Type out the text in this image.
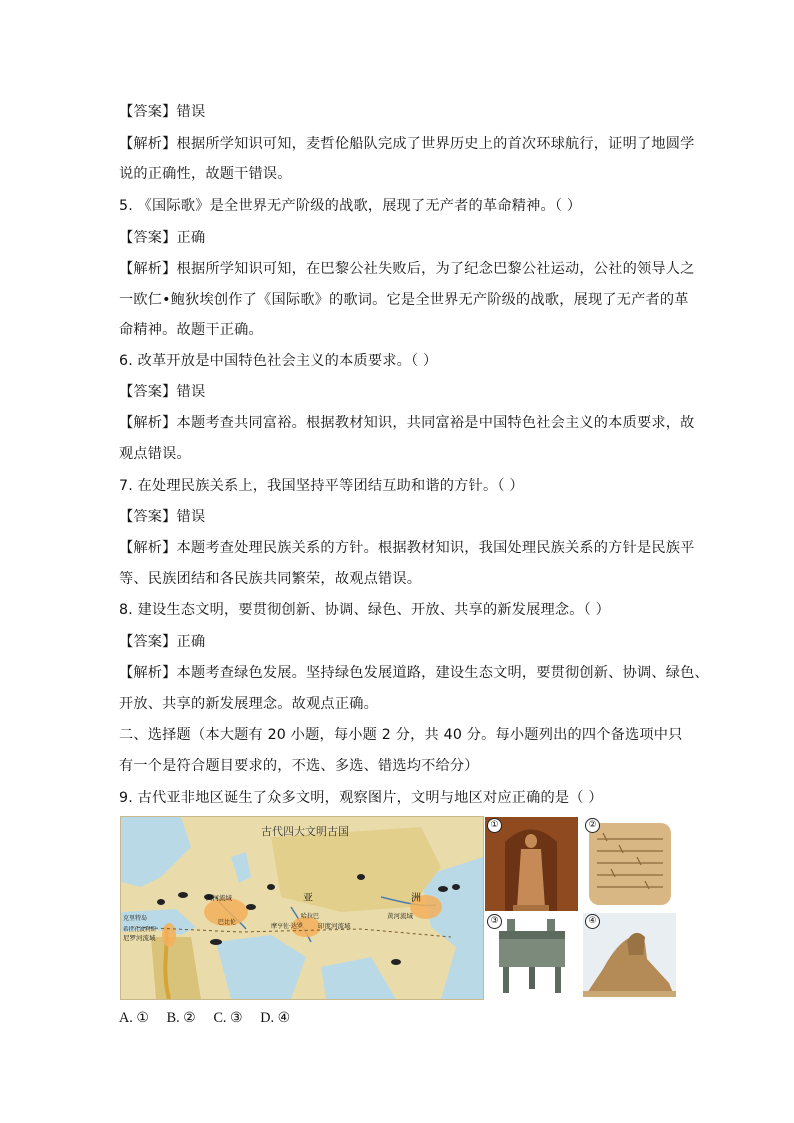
【答案】错误
【解析】根据所学知识可知，麦哲伦船队完成了世界历史上的首次环球航行，证明了地圆学
说的正确性，故题干错误。
5. 《国际歌》是全世界无产阶级的战歌，展现了无产者的革命精神。（ ）
【答案】正确
【解析】根据所学知识可知，在巴黎公社失败后，为了纪念巴黎公社运动，公社的领导人之
一欧仁•鲍狄埃创作了《国际歌》的歌词。它是全世界无产阶级的战歌，展现了无产者的革
命精神。故题干正确。
6. 改革开放是中国特色社会主义的本质要求。（ ）
【答案】错误
【解析】本题考查共同富裕。根据教材知识，共同富裕是中国特色社会主义的本质要求，故
观点错误。
7. 在处理民族关系上，我国坚持平等团结互助和谐的方针。（ ）
【答案】错误
【解析】本题考查处理民族关系的方针。根据教材知识，我国处理民族关系的方针是民族平
等、民族团结和各民族共同繁荣，故观点错误。
8. 建设生态文明，要贯彻创新、协调、绿色、开放、共享的新发展理念。（ ）
【答案】正确
【解析】本题考查绿色发展。坚持绿色发展道路，建设生态文明，要贯彻创新、协调、绿色、
开放、共享的新发展理念。故观点正确。
二、选择题（本大题有 20 小题，每小题 2 分，共 40 分。每小题列出的四个备选项中只
有一个是符合题目要求的，不选、多选、错选均不给分）
9. 古代亚非地区诞生了众多文明，观察图片，文明与地区对应正确的是（ ）
古代四大文明古国
亚	洲
两河流域
黄河流域
印度河流域
尼罗河流域
克里特岛
希拉孔波利斯
巴比伦
摩亨佐·达罗
哈拉巴
①	②
③	④
A. ① B. ② C. ③ D. ④
